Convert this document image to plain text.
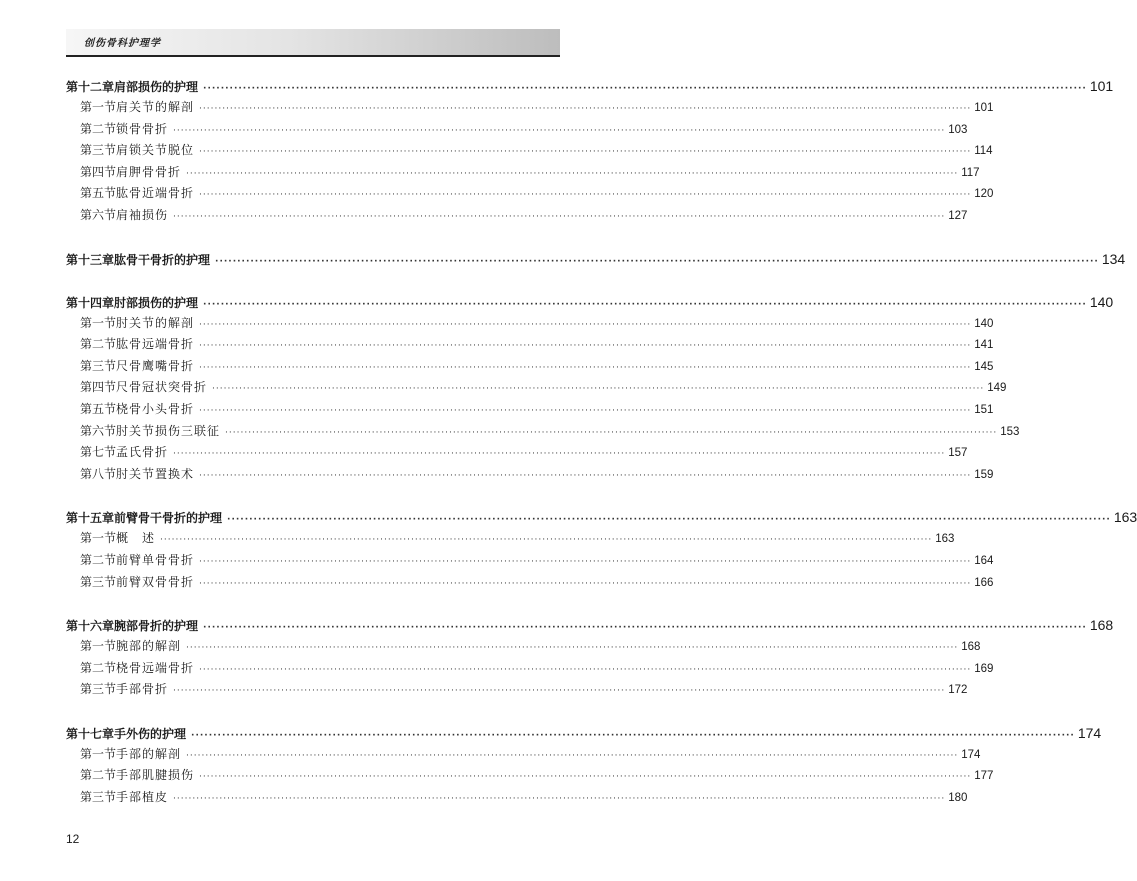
创伤骨科护理学
第十二章 肩部损伤的护理 ········································································································································································································ 101
第一节 肩关节的解剖 ········································································································································································································ 101
第二节 锁骨骨折 ········································································································································································································ 103
第三节 肩锁关节脱位 ········································································································································································································ 114
第四节 肩胛骨骨折 ········································································································································································································ 117
第五节 肱骨近端骨折 ········································································································································································································ 120
第六节 肩袖损伤 ········································································································································································································ 127
第十三章 肱骨干骨折的护理 ········································································································································································································ 134
第十四章 肘部损伤的护理 ········································································································································································································ 140
第一节 肘关节的解剖 ········································································································································································································ 140
第二节 肱骨远端骨折 ········································································································································································································ 141
第三节 尺骨鹰嘴骨折 ········································································································································································································ 145
第四节 尺骨冠状突骨折 ········································································································································································································ 149
第五节 桡骨小头骨折 ········································································································································································································ 151
第六节 肘关节损伤三联征 ········································································································································································································ 153
第七节 孟氏骨折 ········································································································································································································ 157
第八节 肘关节置换术 ········································································································································································································ 159
第十五章 前臂骨干骨折的护理 ········································································································································································································ 163
第一节 概　述 ········································································································································································································ 163
第二节 前臂单骨骨折 ········································································································································································································ 164
第三节 前臂双骨骨折 ········································································································································································································ 166
第十六章 腕部骨折的护理 ········································································································································································································ 168
第一节 腕部的解剖 ········································································································································································································ 168
第二节 桡骨远端骨折 ········································································································································································································ 169
第三节 手部骨折 ········································································································································································································ 172
第十七章 手外伤的护理 ········································································································································································································ 174
第一节 手部的解剖 ········································································································································································································ 174
第二节 手部肌腱损伤 ········································································································································································································ 177
第三节 手部植皮 ········································································································································································································ 180
12
